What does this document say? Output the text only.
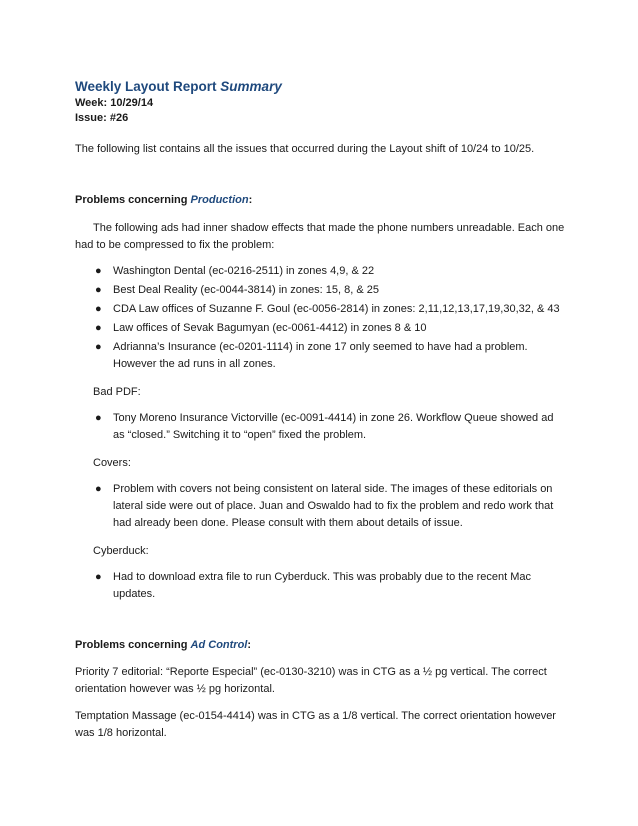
Weekly Layout Report Summary

Week: 10/29/14

Issue: #26

The following list contains all the issues that occurred during the Layout shift of 10/24 to 10/25.

Problems concerning Production:

The following ads had inner shadow effects that made the phone numbers unreadable. Each one had to be compressed to fix the problem:

● Washington Dental (ec-0216-2511) in zones 4,9, & 22
● Best Deal Reality (ec-0044-3814) in zones: 15, 8, & 25
● CDA Law offices of Suzanne F. Goul (ec-0056-2814) in zones: 2,11,12,13,17,19,30,32, & 43
● Law offices of Sevak Bagumyan (ec-0061-4412) in zones 8 & 10
● Adrianna’s Insurance (ec-0201-1114) in zone 17 only seemed to have had a problem. However the ad runs in all zones.

Bad PDF:

● Tony Moreno Insurance Victorville (ec-0091-4414) in zone 26. Workflow Queue showed ad as “closed.” Switching it to “open” fixed the problem.

Covers:

● Problem with covers not being consistent on lateral side. The images of these editorials on lateral side were out of place. Juan and Oswaldo had to fix the problem and redo work that had already been done. Please consult with them about details of issue.

Cyberduck:

● Had to download extra file to run Cyberduck. This was probably due to the recent Mac updates.

Problems concerning Ad Control:

Priority 7 editorial: “Reporte Especial” (ec-0130-3210) was in CTG as a ½ pg vertical. The correct orientation however was ½ pg horizontal.

Temptation Massage (ec-0154-4414) was in CTG as a 1/8 vertical. The correct orientation however was 1/8 horizontal.
